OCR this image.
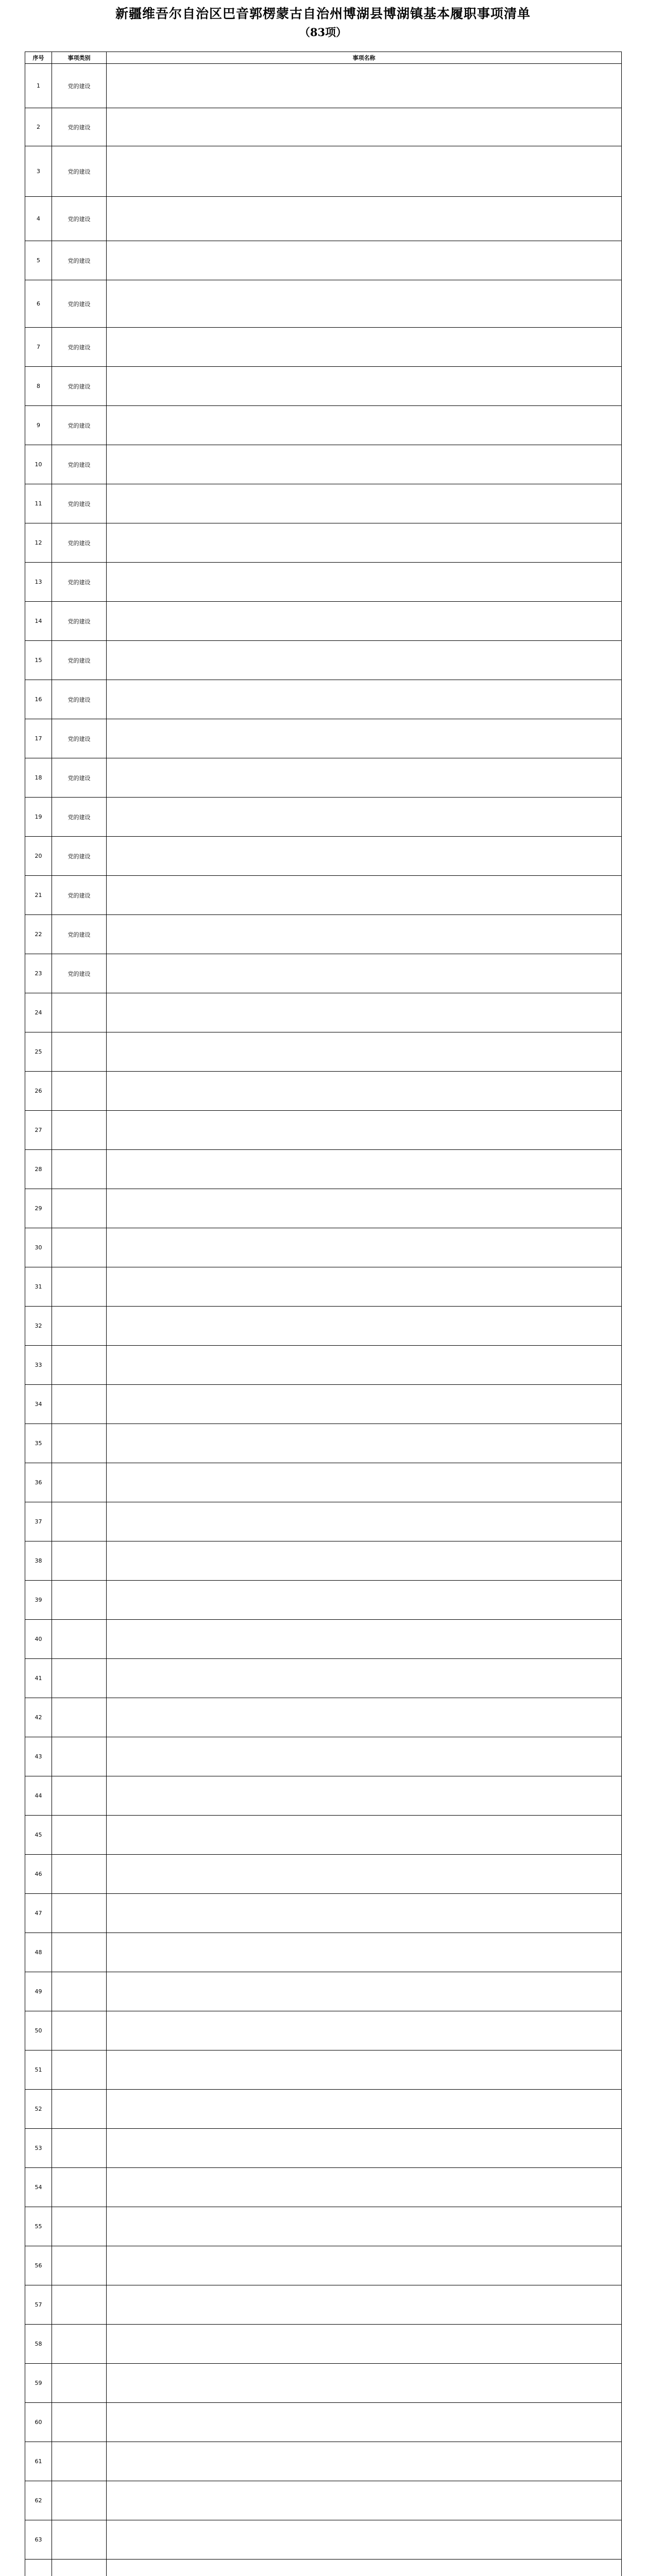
新疆维吾尔自治区巴音郭楞蒙古自治州博湖县博湖镇基本履职事项清单
（83项）
序号	事项类别	事项名称
1	党的建设	
2	党的建设	
3	党的建设	
4	党的建设	
5	党的建设	
6	党的建设	
7	党的建设	
8	党的建设	
9	党的建设	
10	党的建设	
11	党的建设	
12	党的建设	
13	党的建设	
14	党的建设	
15	党的建设	
16	党的建设	
17	党的建设	
18	党的建设	
19	党的建设	
20	党的建设	
21	党的建设	
22	党的建设	
23	党的建设	
24		
25		
26		
27		
28		
29		
30		
31		
32		
33		
34		
35		
36		
37		
38		
39		
40		
41		
42		
43		
44		
45		
46		
47		
48		
49		
50		
51		
52		
53		
54		
55		
56		
57		
58		
59		
60		
61		
62		
63		
